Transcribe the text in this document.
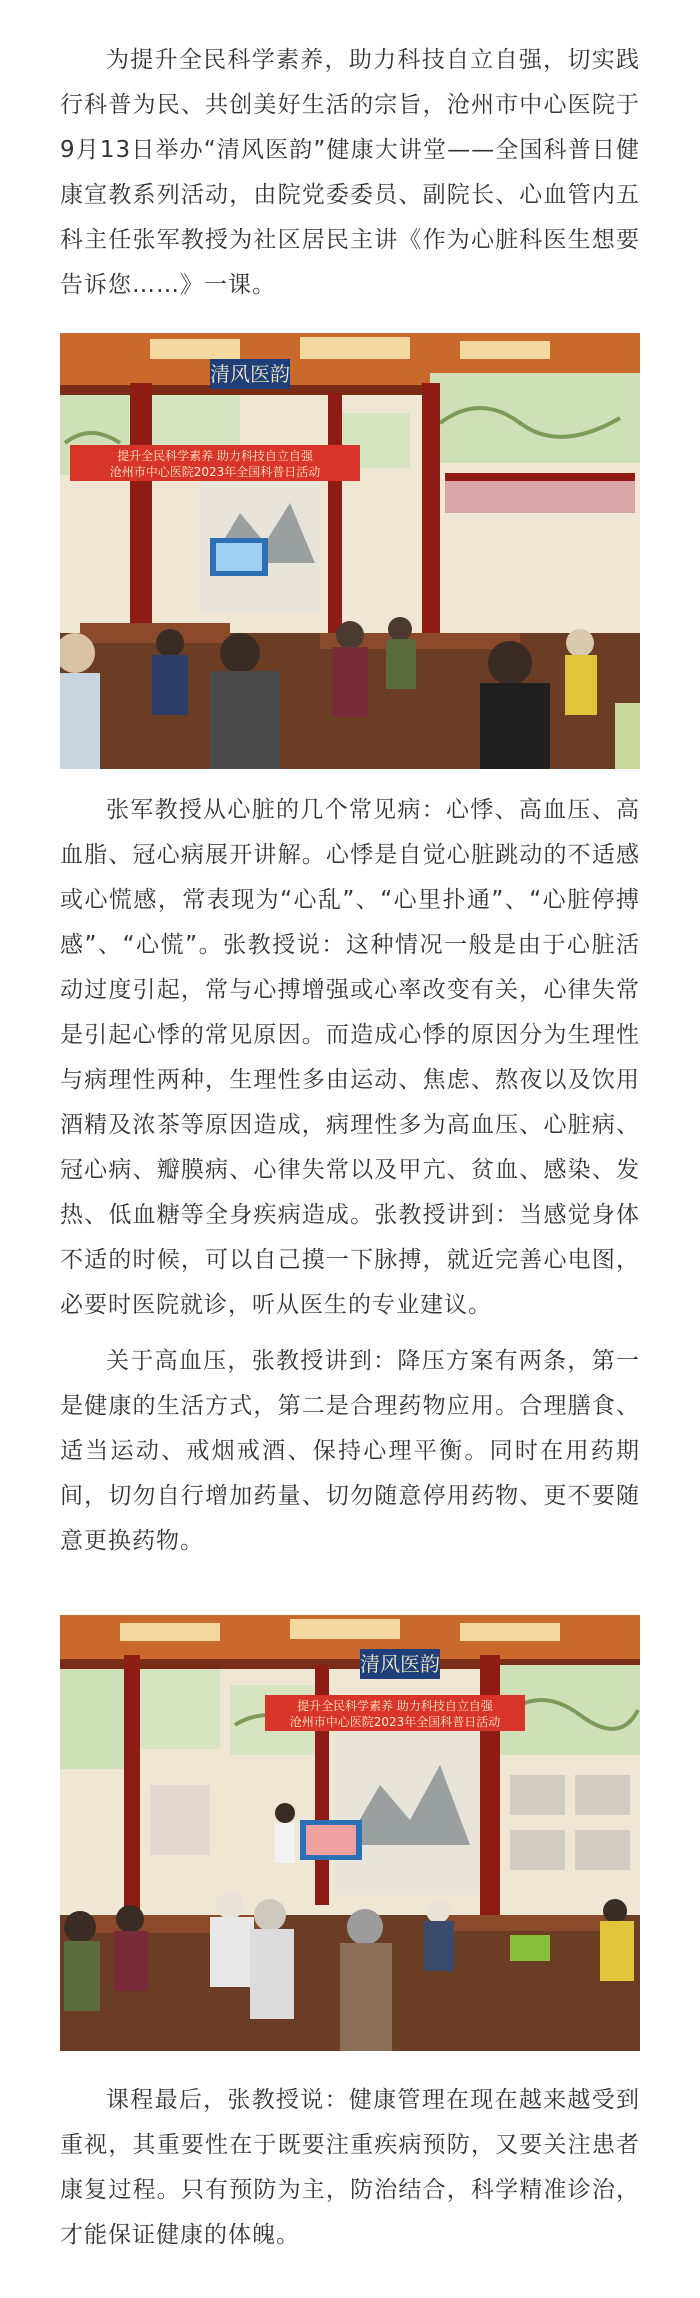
为提升全民科学素养，助力科技自立自强，切实践行科普为民、共创美好生活的宗旨，沧州市中心医院于9月13日举办“清风医韵”健康大讲堂——全国科普日健康宣教系列活动，由院党委委员、副院长、心血管内五科主任张军教授为社区居民主讲《作为心脏科医生想要告诉您……》一课。

清风医韵
提升全民科学素养 助力科技自立自强
沧州市中心医院2023年全国科普日活动

张军教授从心脏的几个常见病：心悸、高血压、高血脂、冠心病展开讲解。心悸是自觉心脏跳动的不适感或心慌感，常表现为“心乱”、“心里扑通”、“心脏停搏感”、“心慌”。张教授说：这种情况一般是由于心脏活动过度引起，常与心搏增强或心率改变有关，心律失常是引起心悸的常见原因。而造成心悸的原因分为生理性与病理性两种，生理性多由运动、焦虑、熬夜以及饮用酒精及浓茶等原因造成，病理性多为高血压、心脏病、冠心病、瓣膜病、心律失常以及甲亢、贫血、感染、发热、低血糖等全身疾病造成。张教授讲到：当感觉身体不适的时候，可以自己摸一下脉搏，就近完善心电图，必要时医院就诊，听从医生的专业建议。

关于高血压，张教授讲到：降压方案有两条，第一是健康的生活方式，第二是合理药物应用。合理膳食、适当运动、戒烟戒酒、保持心理平衡。同时在用药期间，切勿自行增加药量、切勿随意停用药物、更不要随意更换药物。

清风医韵
提升全民科学素养 助力科技自立自强
沧州市中心医院2023年全国科普日活动

课程最后，张教授说：健康管理在现在越来越受到重视，其重要性在于既要注重疾病预防，又要关注患者康复过程。只有预防为主，防治结合，科学精准诊治，才能保证健康的体魄。
